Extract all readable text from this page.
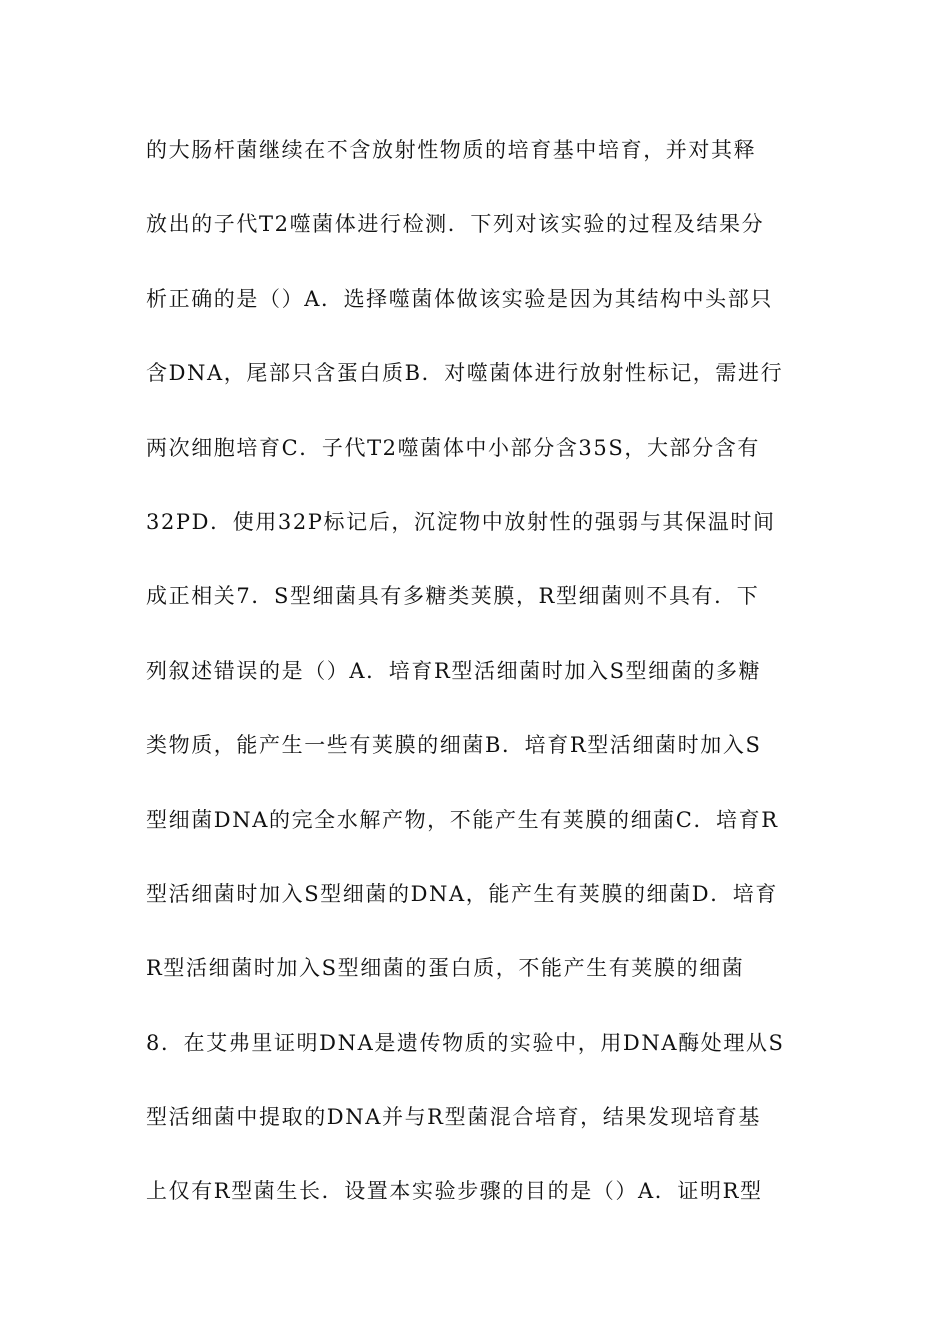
的大肠杆菌继续在不含放射性物质的培育基中培育，并对其释
放出的子代T2噬菌体进行检测．下列对该实验的过程及结果分
析正确的是（）A．选择噬菌体做该实验是因为其结构中头部只
含DNA，尾部只含蛋白质B．对噬菌体进行放射性标记，需进行
两次细胞培育C．子代T2噬菌体中小部分含35S，大部分含有
32PD．使用32P标记后，沉淀物中放射性的强弱与其保温时间
成正相关7．S型细菌具有多糖类荚膜，R型细菌则不具有．下
列叙述错误的是（）A．培育R型活细菌时加入S型细菌的多糖
类物质，能产生一些有荚膜的细菌B．培育R型活细菌时加入S
型细菌DNA的完全水解产物，不能产生有荚膜的细菌C．培育R
型活细菌时加入S型细菌的DNA，能产生有荚膜的细菌D．培育
R型活细菌时加入S型细菌的蛋白质，不能产生有荚膜的细菌
8．在艾弗里证明DNA是遗传物质的实验中，用DNA酶处理从S
型活细菌中提取的DNA并与R型菌混合培育，结果发现培育基
上仅有R型菌生长．设置本实验步骤的目的是（）A．证明R型
